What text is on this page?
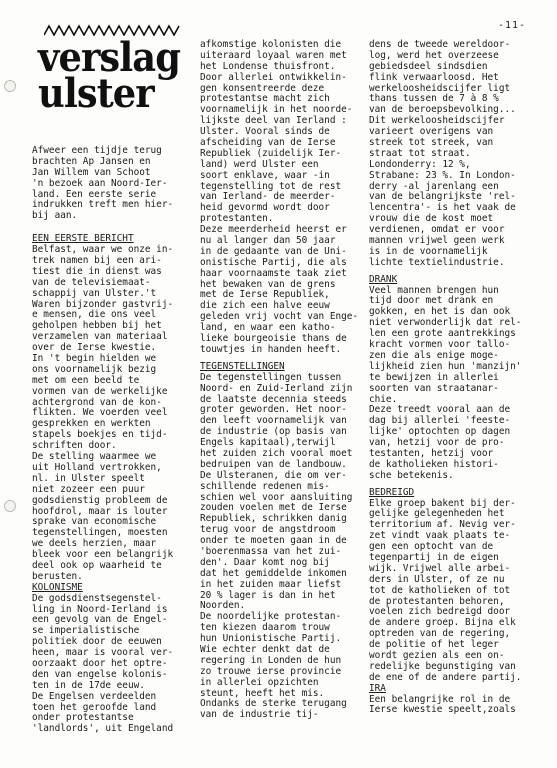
-11-
verslag
ulster
Afweer een tijdje terug
brachten Ap Jansen en
Jan Willem van Schoot
'n bezoek aan Noord-Ier-
land. Een eerste serie
indrukken treft men hier-
bij aan.
EEN EERSTE BERICHT
Belfast, waar we onze in-
trek namen bij een ari-
tiest die in dienst was
van de televisiemaat-
schappij van Ulster.'t
Waren bijzonder gastvrij-
e mensen, die ons veel
geholpen hebben bij het
verzamelen van materiaal
over de Ierse kwestie.
In 't begin hielden we
ons voornamelijk bezig
met om een beeld te
vormen van de werkelijke
achtergrond van de kon-
flikten. We voerden veel
gesprekken en werkten
stapels boekjes en tijd-
schriften door.
De stelling waarmee we
uit Holland vertrokken,
nl. in Ulster speelt
niet zozeer een puur
godsdienstig probleem de
hoofdrol, maar is louter
sprake van economische
tegenstellingen, moesten
we deels herzien, maar
bleek voor een belangrijk
deel ook op waarheid te
berusten.
KOLONISME
De godsdienstsegenstel-
ling in Noord-Ierland is
een gevolg van de Engel-
se imperialistische
politiek door de eeuwen
heen, maar is vooral ver-
oorzaakt door het optre-
den van engelse kolonis-
ten in de 17de eeuw.
De Engelsen verdeelden
toen het geroofde land
onder protestantse
'landlords', uit Engeland
afkomstige kolonisten die
uiteraard loyaal waren met
het Londense thuisfront.
Door allerlei ontwikkelin-
gen konsentreerde deze
protestantse macht zich
voornamelijk in het noorde-
lijkste deel van Ierland :
Ulster. Vooral sinds de
afscheiding van de Ierse
Republiek (zuidelijk Ier-
land) werd Ulster een
soort enklave, waar -in
tegenstelling tot de rest
van Ierland- de meerder-
heid gevormd wordt door
protestanten.
Deze meerderheid heerst er
nu al langer dan 50 jaar
in de gedaante van de Uni-
onistische Partij, die als
haar voornaamste taak ziet
het bewaken van de grens
met de Ierse Republiek,
die zich een halve eeuw
geleden vrij vocht van Enge-
land, en waar een katho-
lieke bourgeoisie thans de
touwtjes in handen heeft.
TEGENSTELLINGEN
De tegenstellingen tussen
Noord- en Zuid-Ierland zijn
de laatste decennia steeds
groter geworden. Het noor-
den leeft voornamelijk van
de industrie (op basis van
Engels kapitaal),terwijl
het zuiden zich vooral moet
bedruipen van de landbouw.
De Ulsteranen, die om ver-
schillende redenen mis-
schien wel voor aansluiting
zouden voelen met de Ierse
Republiek, schrikken danig
terug voor de angstdroom
onder te moeten gaan in de
'boerenmassa van het zui-
den'. Daar komt nog bij
dat het gemiddelde inkomen
in het zuiden maar liefst
20 % lager is dan in het
Noorden.
De noordelijke protestan-
ten kiezen daarom trouw
hun Unionistische Partij.
Wie echter denkt dat de
regering in Londen de hun
zo trouwe ierse provincie
in allerlei opzichten
steunt, heeft het mis.
Ondanks de sterke terugang
van de industrie tij-
dens de tweede wereldoor-
log, werd het overzeese
gebiedsdeel sindsdien
flink verwaarloosd. Het
werkeloosheidscijfer ligt
thans tussen de 7 à 8 %
van de beroepsbevolking...
Dit werkeloosheidscijfer
varieert overigens van
streek tot streek, van
straat tot straat.
Londonderry: 12 %,
Strabane: 23 %. In London-
derry -al jarenlang een
van de belangrijkste 'rel-
lencentra'- is het vaak de
vrouw die de kost moet
verdienen, omdat er voor
mannen vrijwel geen werk
is in de voornamelijk
lichte textielindustrie.
DRANK
Veel mannen brengen hun
tijd door met drank en
gokken, en het is dan ook
niet verwonderlijk dat rel-
len een grote aantrekkings
kracht vormen voor tallo-
zen die als enige moge-
lijkheid zien hun 'manzijn'
te bewijzen in allerlei
soorten van straatanar-
chie.
Deze treedt vooral aan de
dag bij allerlei 'feeste-
lijke' optochten op dagen
van, hetzij voor de pro-
testanten, hetzij voor
de katholieken histori-
sche betekenis.
BEDREIGD
Elke groep bakent bij der-
gelijke gelegenheden het
territorium af. Nevig ver-
zet vindt vaak plaats te-
gen een optocht van de
tegenpartij in de eigen
wijk. Vrijwel alle arbei-
ders in Ulster, of ze nu
tot de katholieken of tot
de protestanten behoren,
voelen zich bedreigd door
de andere groep. Bijna elk
optreden van de regering,
de politie of het leger
wordt gezien als een on-
redelijke begunstiging van
de ene of de andere partij.
IRA
Een belangrijke rol in de
Ierse kwestie speelt,zoals
